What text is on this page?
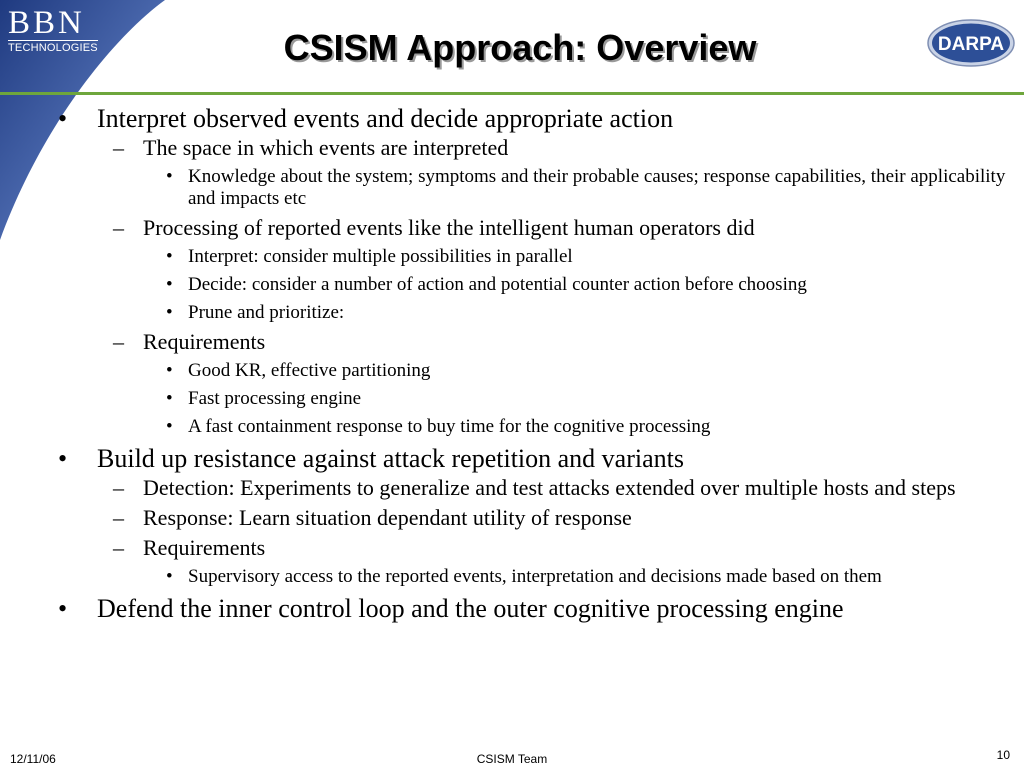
BBN
TECHNOLOGIES	CSISM Approach: Overview	DARPA
• Interpret observed events and decide appropriate action
– The space in which events are interpreted
• Knowledge about the system; symptoms and their probable causes; response capabilities, their applicability and impacts etc
– Processing of reported events like the intelligent human operators did
• Interpret: consider multiple possibilities in parallel
• Decide: consider a number of action and potential counter action before choosing
• Prune and prioritize:
– Requirements
• Good KR, effective partitioning
• Fast processing engine
• A fast containment response to buy time for the cognitive processing
• Build up resistance against attack repetition and variants
– Detection: Experiments to generalize and test attacks extended over multiple hosts and steps
– Response: Learn situation dependant utility of response
– Requirements
• Supervisory access to the reported events, interpretation and decisions made based on them
• Defend the inner control loop and the outer cognitive processing engine
12/11/06	CSISM Team	10
